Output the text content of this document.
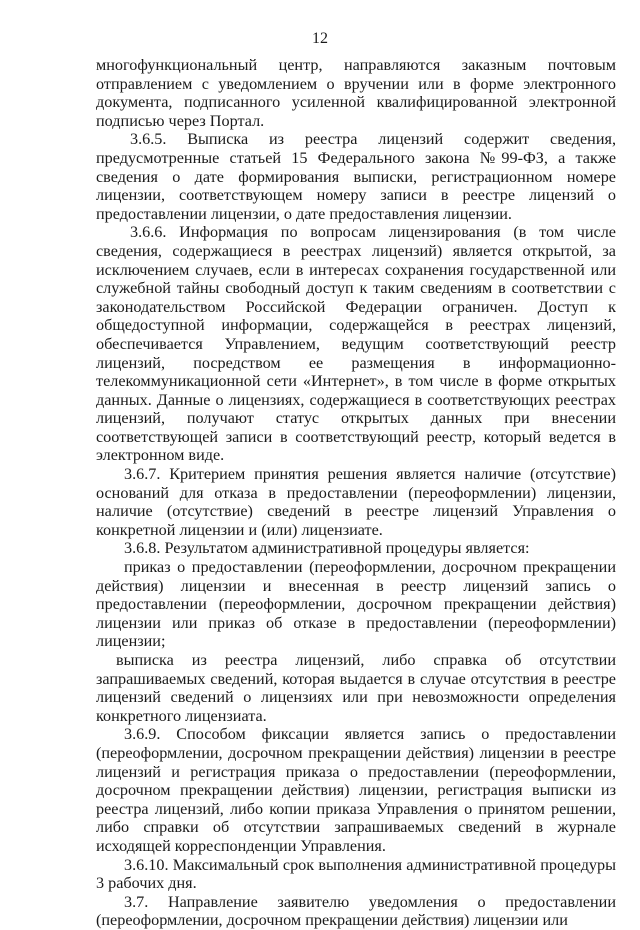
12

многофункциональный центр, направляются заказным почтовым отправлением с уведомлением о вручении или в форме электронного документа, подписанного усиленной квалифицированной электронной подписью через Портал.

3.6.5. Выписка из реестра лицензий содержит сведения, предусмотренные статьей 15 Федерального закона №99-ФЗ, а также сведения о дате формирования выписки, регистрационном номере лицензии, соответствующем номеру записи в реестре лицензий о предоставлении лицензии, о дате предоставления лицензии.

3.6.6. Информация по вопросам лицензирования (в том числе сведения, содержащиеся в реестрах лицензий) является открытой, за исключением случаев, если в интересах сохранения государственной или служебной тайны свободный доступ к таким сведениям в соответствии с законодательством Российской Федерации ограничен. Доступ к общедоступной информации, содержащейся в реестрах лицензий, обеспечивается Управлением, ведущим соответствующий реестр лицензий, посредством ее размещения в информационно-телекоммуникационной сети «Интернет», в том числе в форме открытых данных. Данные о лицензиях, содержащиеся в соответствующих реестрах лицензий, получают статус открытых данных при внесении соответствующей записи в соответствующий реестр, который ведется в электронном виде.

3.6.7. Критерием принятия решения является наличие (отсутствие) оснований для отказа в предоставлении (переоформлении) лицензии, наличие (отсутствие) сведений в реестре лицензий Управления о конкретной лицензии и (или) лицензиате.

3.6.8. Результатом административной процедуры является:

приказ о предоставлении (переоформлении, досрочном прекращении действия) лицензии и внесенная в реестр лицензий запись о предоставлении (переоформлении, досрочном прекращении действия) лицензии или приказ об отказе в предоставлении (переоформлении) лицензии;

выписка из реестра лицензий, либо справка об отсутствии запрашиваемых сведений, которая выдается в случае отсутствия в реестре лицензий сведений о лицензиях или при невозможности определения конкретного лицензиата.

3.6.9. Способом фиксации является запись о предоставлении (переоформлении, досрочном прекращении действия) лицензии в реестре лицензий и регистрация приказа о предоставлении (переоформлении, досрочном прекращении действия) лицензии, регистрация выписки из реестра лицензий, либо копии приказа Управления о принятом решении, либо справки об отсутствии запрашиваемых сведений в журнале исходящей корреспонденции Управления.

3.6.10. Максимальный срок выполнения административной процедуры 3 рабочих дня.

3.7. Направление заявителю уведомления о предоставлении (переоформлении, досрочном прекращении действия) лицензии или
